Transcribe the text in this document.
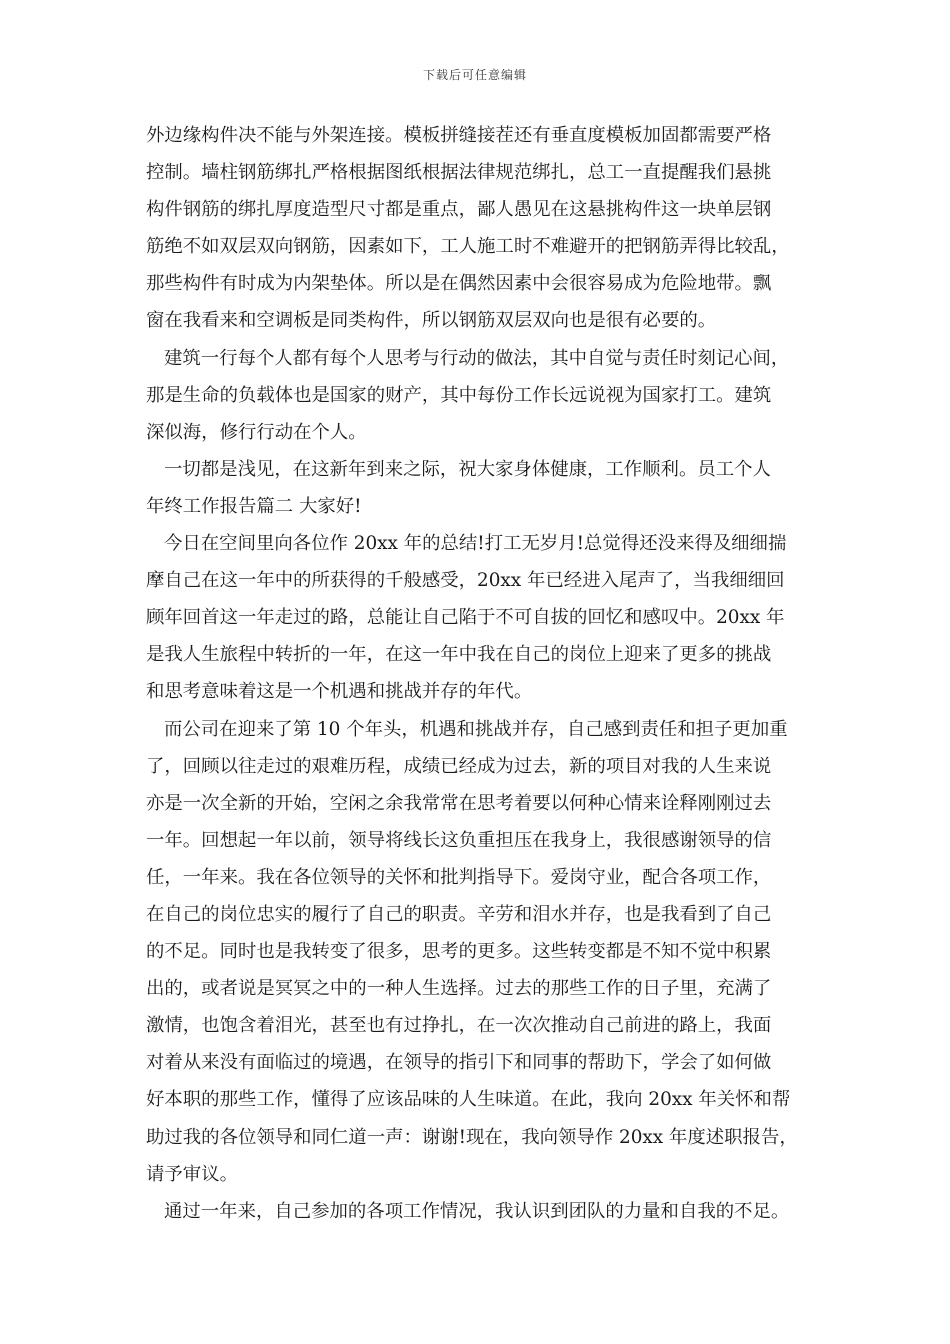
下载后可任意编辑
外边缘构件决不能与外架连接。模板拼缝接茬还有垂直度模板加固都需要严格
控制。墙柱钢筋绑扎严格根据图纸根据法律规范绑扎，总工一直提醒我们悬挑
构件钢筋的绑扎厚度造型尺寸都是重点，鄙人愚见在这悬挑构件这一块单层钢
筋绝不如双层双向钢筋，因素如下，工人施工时不难避开的把钢筋弄得比较乱，
那些构件有时成为内架垫体。所以是在偶然因素中会很容易成为危险地带。飘
窗在我看来和空调板是同类构件，所以钢筋双层双向也是很有必要的。
建筑一行每个人都有每个人思考与行动的做法，其中自觉与责任时刻记心间，
那是生命的负载体也是国家的财产，其中每份工作长远说视为国家打工。建筑
深似海，修行行动在个人。
一切都是浅见，在这新年到来之际，祝大家身体健康，工作顺利。员工个人
年终工作报告篇二 大家好!
今日在空间里向各位作 20xx 年的总结!打工无岁月!总觉得还没来得及细细揣
摩自己在这一年中的所获得的千般感受，20xx 年已经进入尾声了，当我细细回
顾年回首这一年走过的路，总能让自己陷于不可自拔的回忆和感叹中。20xx 年
是我人生旅程中转折的一年，在这一年中我在自己的岗位上迎来了更多的挑战
和思考意味着这是一个机遇和挑战并存的年代。
而公司在迎来了第 10 个年头，机遇和挑战并存，自己感到责任和担子更加重
了，回顾以往走过的艰难历程，成绩已经成为过去，新的项目对我的人生来说
亦是一次全新的开始，空闲之余我常常在思考着要以何种心情来诠释刚刚过去
一年。回想起一年以前，领导将线长这负重担压在我身上，我很感谢领导的信
任，一年来。我在各位领导的关怀和批判指导下。爱岗守业，配合各项工作，
在自己的岗位忠实的履行了自己的职责。辛劳和泪水并存，也是我看到了自己
的不足。同时也是我转变了很多，思考的更多。这些转变都是不知不觉中积累
出的，或者说是冥冥之中的一种人生选择。过去的那些工作的日子里，充满了
激情，也饱含着泪光，甚至也有过挣扎，在一次次推动自己前进的路上，我面
对着从来没有面临过的境遇，在领导的指引下和同事的帮助下，学会了如何做
好本职的那些工作，懂得了应该品味的人生味道。在此，我向 20xx 年关怀和帮
助过我的各位领导和同仁道一声：谢谢!现在，我向领导作 20xx 年度述职报告，
请予审议。
通过一年来，自己参加的各项工作情况，我认识到团队的力量和自我的不足。
